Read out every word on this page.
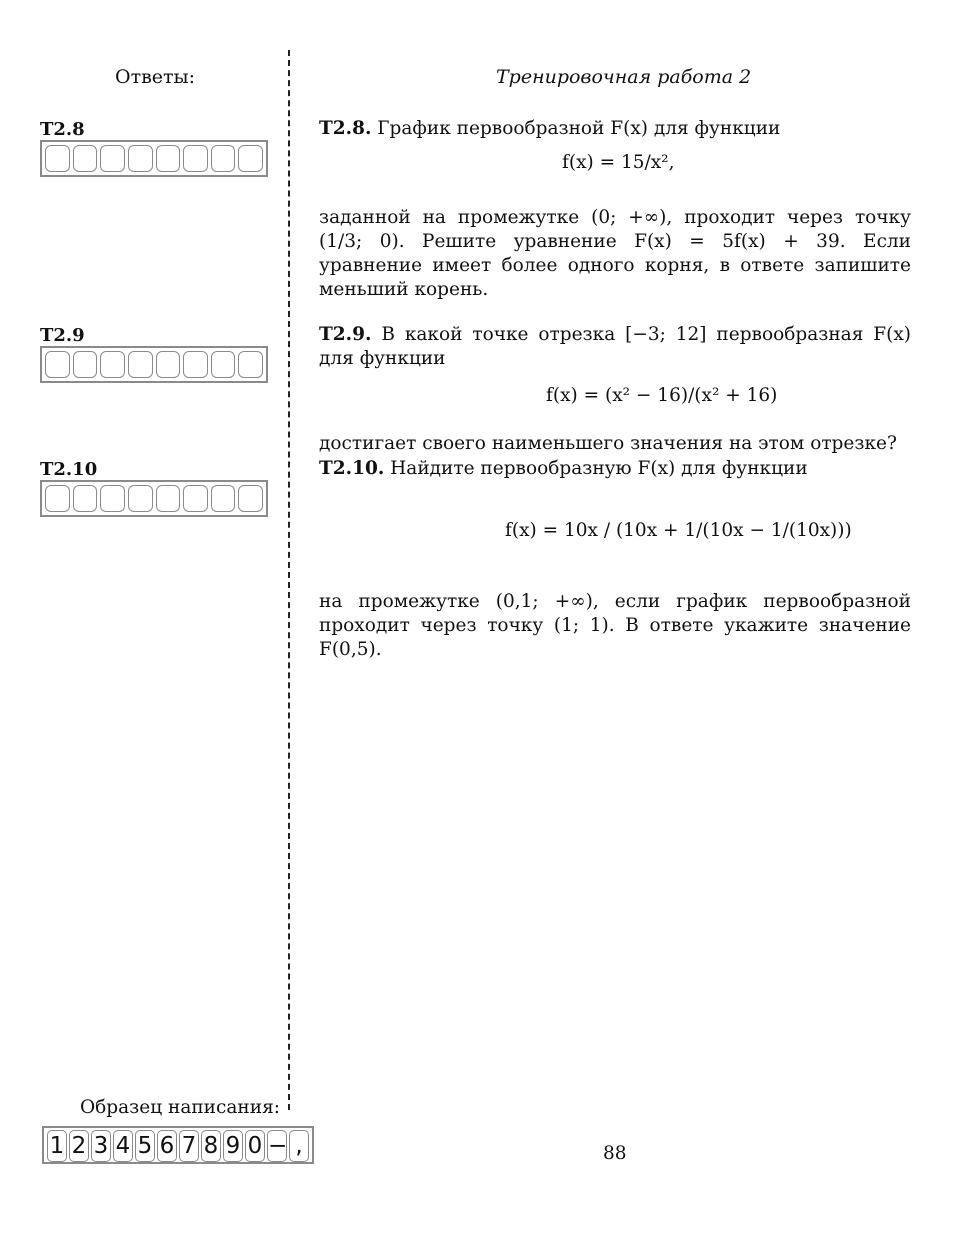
Ответы:	Тренировочная работа 2
T2.8
T2.9
T2.10
T2.8. График первообразной F(x) для функции
f(x) = 15/x²,
заданной на промежутке (0; +∞), проходит через точку (1/3; 0). Решите уравнение F(x) = 5f(x) + 39. Если уравнение имеет более одного корня, в ответе запишите меньший корень.
T2.9. В какой точке отрезка [−3; 12] первообразная F(x) для функции
f(x) = (x² − 16)/(x² + 16)
достигает своего наименьшего значения на этом отрезке?
T2.10. Найдите первообразную F(x) для функции
f(x) = 10x / (10x + 1/(10x − 1/(10x)))
на промежутке (0,1; +∞), если график первообразной проходит через точку (1; 1). В ответе укажите значение F(0,5).
Образец написания:
1 2 3 4 5 6 7 8 9 0 − ,	88
